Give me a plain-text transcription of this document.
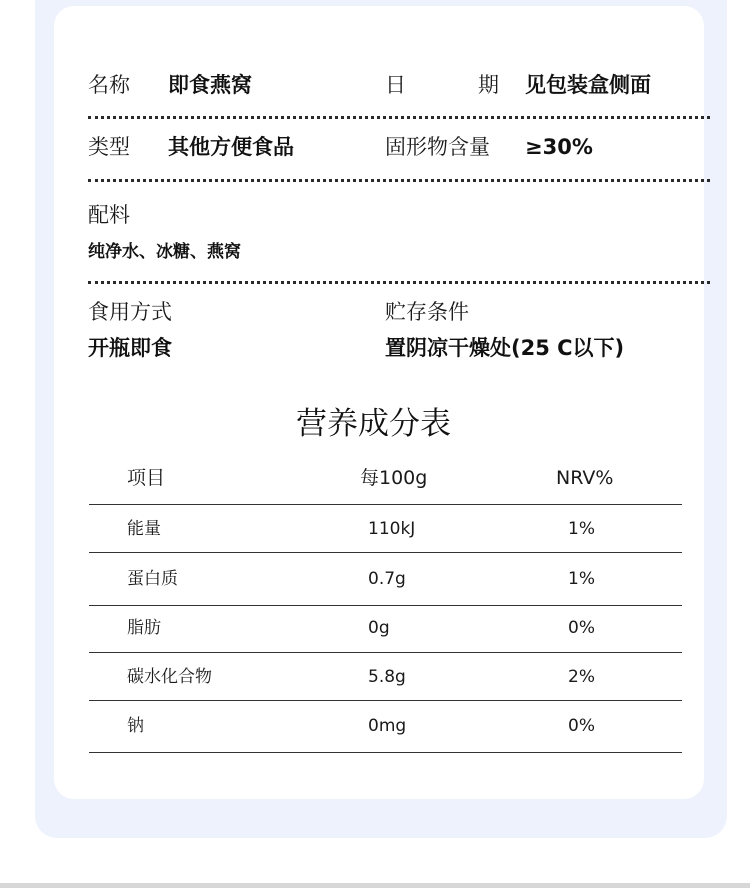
名称 即食燕窝	日	期 见包装盒侧面
类型 其他方便食品	固形物含量 ≥30%
配料
纯净水、冰糖、燕窝
食用方式
开瓶即食
贮存条件
置阴凉干燥处(25 C以下)
营养成分表
项目	每100g	NRV%
能量	110kJ	1%
蛋白质	0.7g	1%
脂肪	0g	0%
碳水化合物	5.8g	2%
钠	0mg	0%
